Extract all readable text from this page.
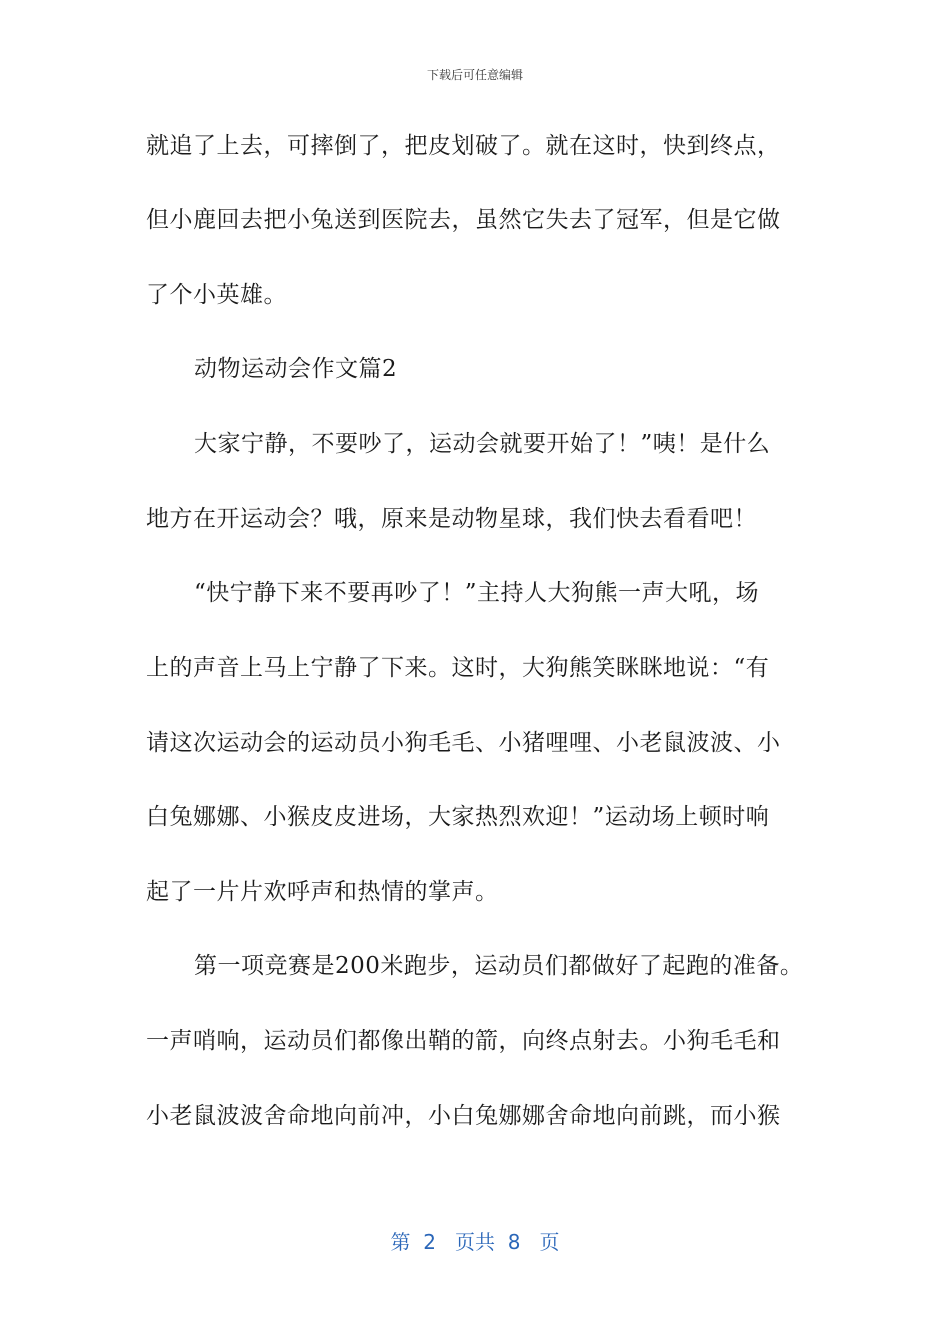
下载后可任意编辑
就追了上去，可摔倒了，把皮划破了。就在这时，快到终点，
但小鹿回去把小兔送到医院去，虽然它失去了冠军，但是它做
了个小英雄。
动物运动会作文篇2
大家宁静，不要吵了，运动会就要开始了！”咦！是什么
地方在开运动会？哦，原来是动物星球，我们快去看看吧！
“快宁静下来不要再吵了！”主持人大狗熊一声大吼，场
上的声音上马上宁静了下来。这时，大狗熊笑眯眯地说：“有
请这次运动会的运动员小狗毛毛、小猪哩哩、小老鼠波波、小
白兔娜娜、小猴皮皮进场，大家热烈欢迎！”运动场上顿时响
起了一片片欢呼声和热情的掌声。
第一项竞赛是200米跑步，运动员们都做好了起跑的准备。
一声哨响，运动员们都像出鞘的箭，向终点射去。小狗毛毛和
小老鼠波波舍命地向前冲，小白兔娜娜舍命地向前跳，而小猴
第  2   页共  8   页
